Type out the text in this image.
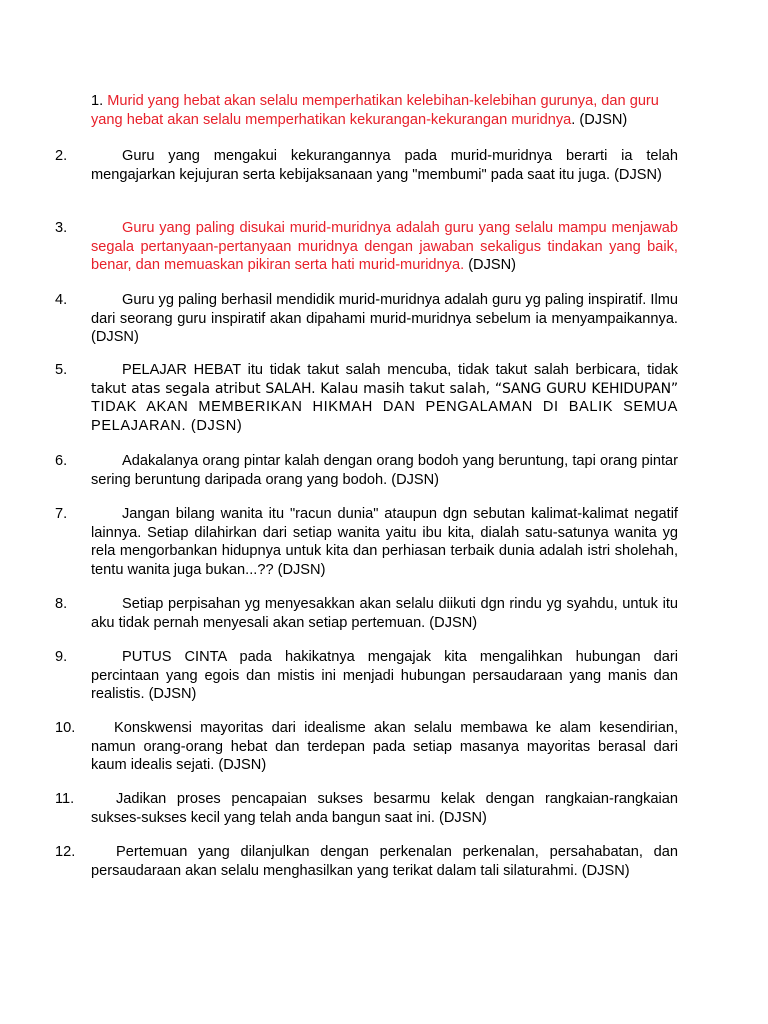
1. Murid yang hebat akan selalu memperhatikan kelebihan-kelebihan gurunya, dan guru yang hebat akan selalu memperhatikan kekurangan-kekurangan muridnya. (DJSN)
2.	Guru yang mengakui kekurangannya pada murid-muridnya berarti ia telah mengajarkan kejujuran serta kebijaksanaan yang "membumi" pada saat itu juga. (DJSN)
3.	Guru yang paling disukai murid-muridnya adalah guru yang selalu mampu menjawab segala pertanyaan-pertanyaan muridnya dengan jawaban sekaligus tindakan yang baik, benar, dan memuaskan pikiran serta hati murid-muridnya. (DJSN)
4.	Guru yg paling berhasil mendidik murid-muridnya adalah guru yg paling inspiratif. Ilmu dari seorang guru inspiratif akan dipahami murid-muridnya sebelum ia menyampaikannya. (DJSN)
5.	PELAJAR HEBAT itu tidak takut salah mencuba, tidak takut salah berbicara, tidak takut atas segala atribut SALAH. Kalau masih takut salah, “SANG GURU KEHIDUPAN” TIDAK AKAN MEMBERIKAN HIKMAH DAN PENGALAMAN DI BALIK SEMUA PELAJARAN. (DJSN)
6.	Adakalanya orang pintar kalah dengan orang bodoh yang beruntung, tapi orang pintar sering beruntung daripada orang yang bodoh. (DJSN)
7.	Jangan bilang wanita itu "racun dunia" ataupun dgn sebutan kalimat-kalimat negatif lainnya. Setiap dilahirkan dari setiap wanita yaitu ibu kita, dialah satu-satunya wanita yg rela mengorbankan hidupnya untuk kita dan perhiasan terbaik dunia adalah istri sholehah, tentu wanita juga bukan...?? (DJSN)
8.	Setiap perpisahan yg menyesakkan akan selalu diikuti dgn rindu yg syahdu, untuk itu aku tidak pernah menyesali akan setiap pertemuan. (DJSN)
9.	PUTUS CINTA pada hakikatnya mengajak kita mengalihkan hubungan dari percintaan yang egois dan mistis ini menjadi hubungan persaudaraan yang manis dan realistis. (DJSN)
10.	Konskwensi mayoritas dari idealisme akan selalu membawa ke alam kesendirian, namun orang-orang hebat dan terdepan pada setiap masanya mayoritas berasal dari kaum idealis sejati. (DJSN)
11.	Jadikan proses pencapaian sukses besarmu kelak dengan rangkaian-rangkaian sukses-sukses kecil yang telah anda bangun saat ini. (DJSN)
12.	Pertemuan yang dilanjulkan dengan perkenalan perkenalan, persahabatan, dan persaudaraan akan selalu menghasilkan yang terikat dalam tali silaturahmi. (DJSN)
